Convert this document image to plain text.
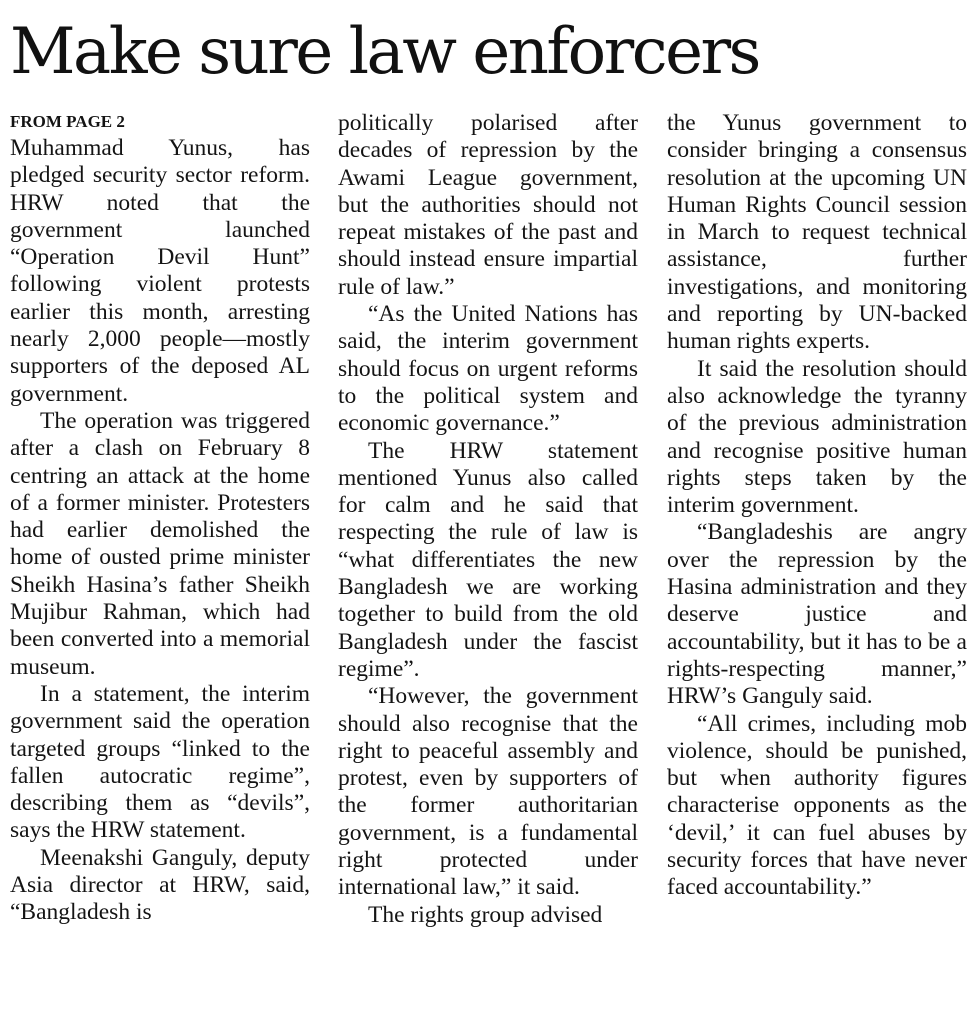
Make sure law enforcers
FROM PAGE 2

Muhammad Yunus, has pledged security sector reform. HRW noted that the government launched “Operation Devil Hunt” following violent protests earlier this month, arresting nearly 2,000 people—mostly supporters of the deposed AL government.

The operation was triggered after a clash on February 8 centring an attack at the home of a former minister. Protesters had earlier demolished the home of ousted prime minister Sheikh Hasina’s father Sheikh Mujibur Rahman, which had been converted into a memorial museum.

In a statement, the interim government said the operation targeted groups “linked to the fallen autocratic regime”, describing them as “devils”, says the HRW statement.

Meenakshi Ganguly, deputy Asia director at HRW, said, “Bangladesh is

politically polarised after decades of repression by the Awami League government, but the authorities should not repeat mistakes of the past and should instead ensure impartial rule of law.”

“As the United Nations has said, the interim government should focus on urgent reforms to the political system and economic governance.”

The HRW statement mentioned Yunus also called for calm and he said that respecting the rule of law is “what differentiates the new Bangladesh we are working together to build from the old Bangladesh under the fascist regime”.

“However, the government should also recognise that the right to peaceful assembly and protest, even by supporters of the former authoritarian government, is a fundamental right protected under international law,” it said.

The rights group advised

the Yunus government to consider bringing a consensus resolution at the upcoming UN Human Rights Council session in March to request technical assistance, further investigations, and monitoring and reporting by UN-backed human rights experts.

It said the resolution should also acknowledge the tyranny of the previous administration and recognise positive human rights steps taken by the interim government.

“Bangladeshis are angry over the repression by the Hasina administration and they deserve justice and accountability, but it has to be a rights-respecting manner,” HRW’s Ganguly said.

“All crimes, including mob violence, should be punished, but when authority figures characterise opponents as the ‘devil,’ it can fuel abuses by security forces that have never faced accountability.”
